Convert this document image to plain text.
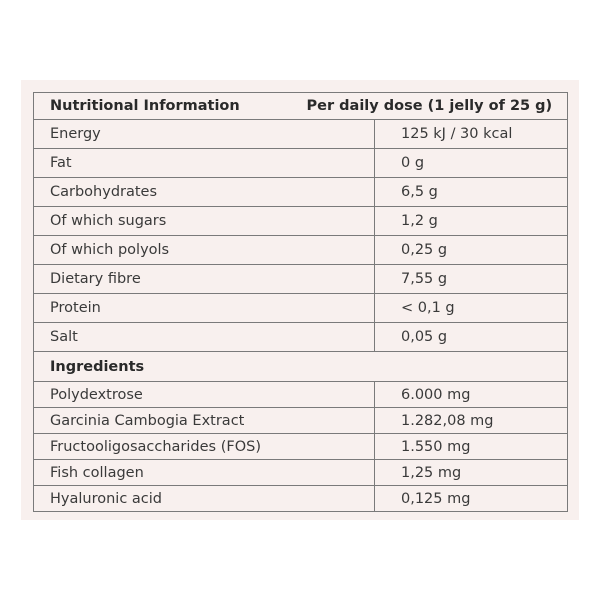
Nutritional Information Per daily dose (1 jelly of 25 g)	

Energy	125 kJ / 30 kcal
Fat	0 g
Carbohydrates	6,5 g
Of which sugars	1,2 g
Of which polyols	0,25 g
Dietary fibre	7,55 g
Protein	< 0,1 g
Salt	0,05 g
Ingredients	
Polydextrose	6.000 mg
Garcinia Cambogia Extract	1.282,08 mg
Fructooligosaccharides (FOS)	1.550 mg
Fish collagen	1,25 mg
Hyaluronic acid	0,125 mg
